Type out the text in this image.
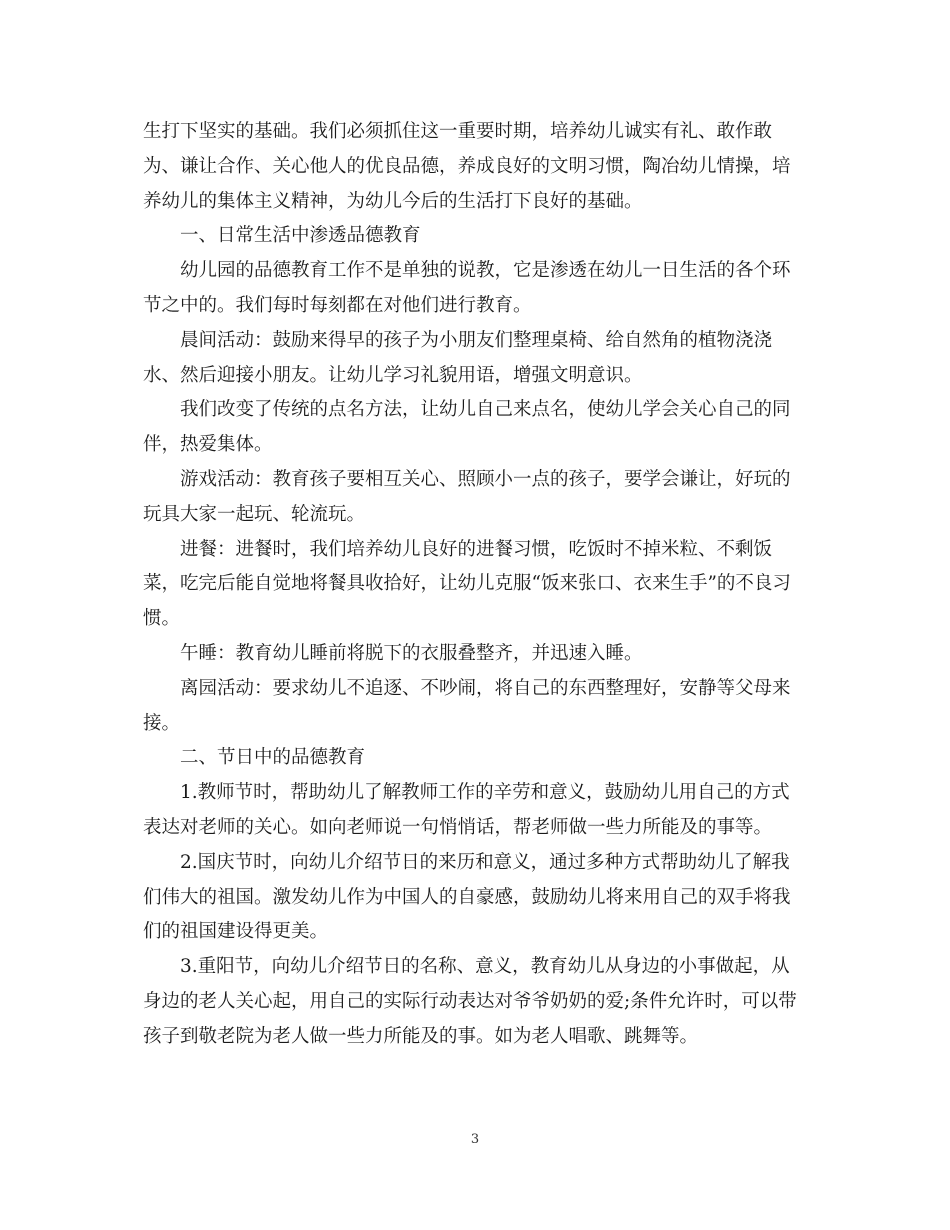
生打下坚实的基础。我们必须抓住这一重要时期，培养幼儿诚实有礼、敢作敢
为、谦让合作、关心他人的优良品德，养成良好的文明习惯，陶冶幼儿情操，培
养幼儿的集体主义精神，为幼儿今后的生活打下良好的基础。
一、日常生活中渗透品德教育
幼儿园的品德教育工作不是单独的说教，它是渗透在幼儿一日生活的各个环
节之中的。我们每时每刻都在对他们进行教育。
晨间活动：鼓励来得早的孩子为小朋友们整理桌椅、给自然角的植物浇浇
水、然后迎接小朋友。让幼儿学习礼貌用语，增强文明意识。
我们改变了传统的点名方法，让幼儿自己来点名，使幼儿学会关心自己的同
伴，热爱集体。
游戏活动：教育孩子要相互关心、照顾小一点的孩子，要学会谦让，好玩的
玩具大家一起玩、轮流玩。
进餐：进餐时，我们培养幼儿良好的进餐习惯，吃饭时不掉米粒、不剩饭
菜，吃完后能自觉地将餐具收拾好，让幼儿克服“饭来张口、衣来生手”的不良习
惯。
午睡：教育幼儿睡前将脱下的衣服叠整齐，并迅速入睡。
离园活动：要求幼儿不追逐、不吵闹，将自己的东西整理好，安静等父母来
接。
二、节日中的品德教育
1.教师节时，帮助幼儿了解教师工作的辛劳和意义，鼓励幼儿用自己的方式
表达对老师的关心。如向老师说一句悄悄话，帮老师做一些力所能及的事等。
2.国庆节时，向幼儿介绍节日的来历和意义，通过多种方式帮助幼儿了解我
们伟大的祖国。激发幼儿作为中国人的自豪感，鼓励幼儿将来用自己的双手将我
们的祖国建设得更美。
3.重阳节，向幼儿介绍节日的名称、意义，教育幼儿从身边的小事做起，从
身边的老人关心起，用自己的实际行动表达对爷爷奶奶的爱;条件允许时，可以带
孩子到敬老院为老人做一些力所能及的事。如为老人唱歌、跳舞等。
3
